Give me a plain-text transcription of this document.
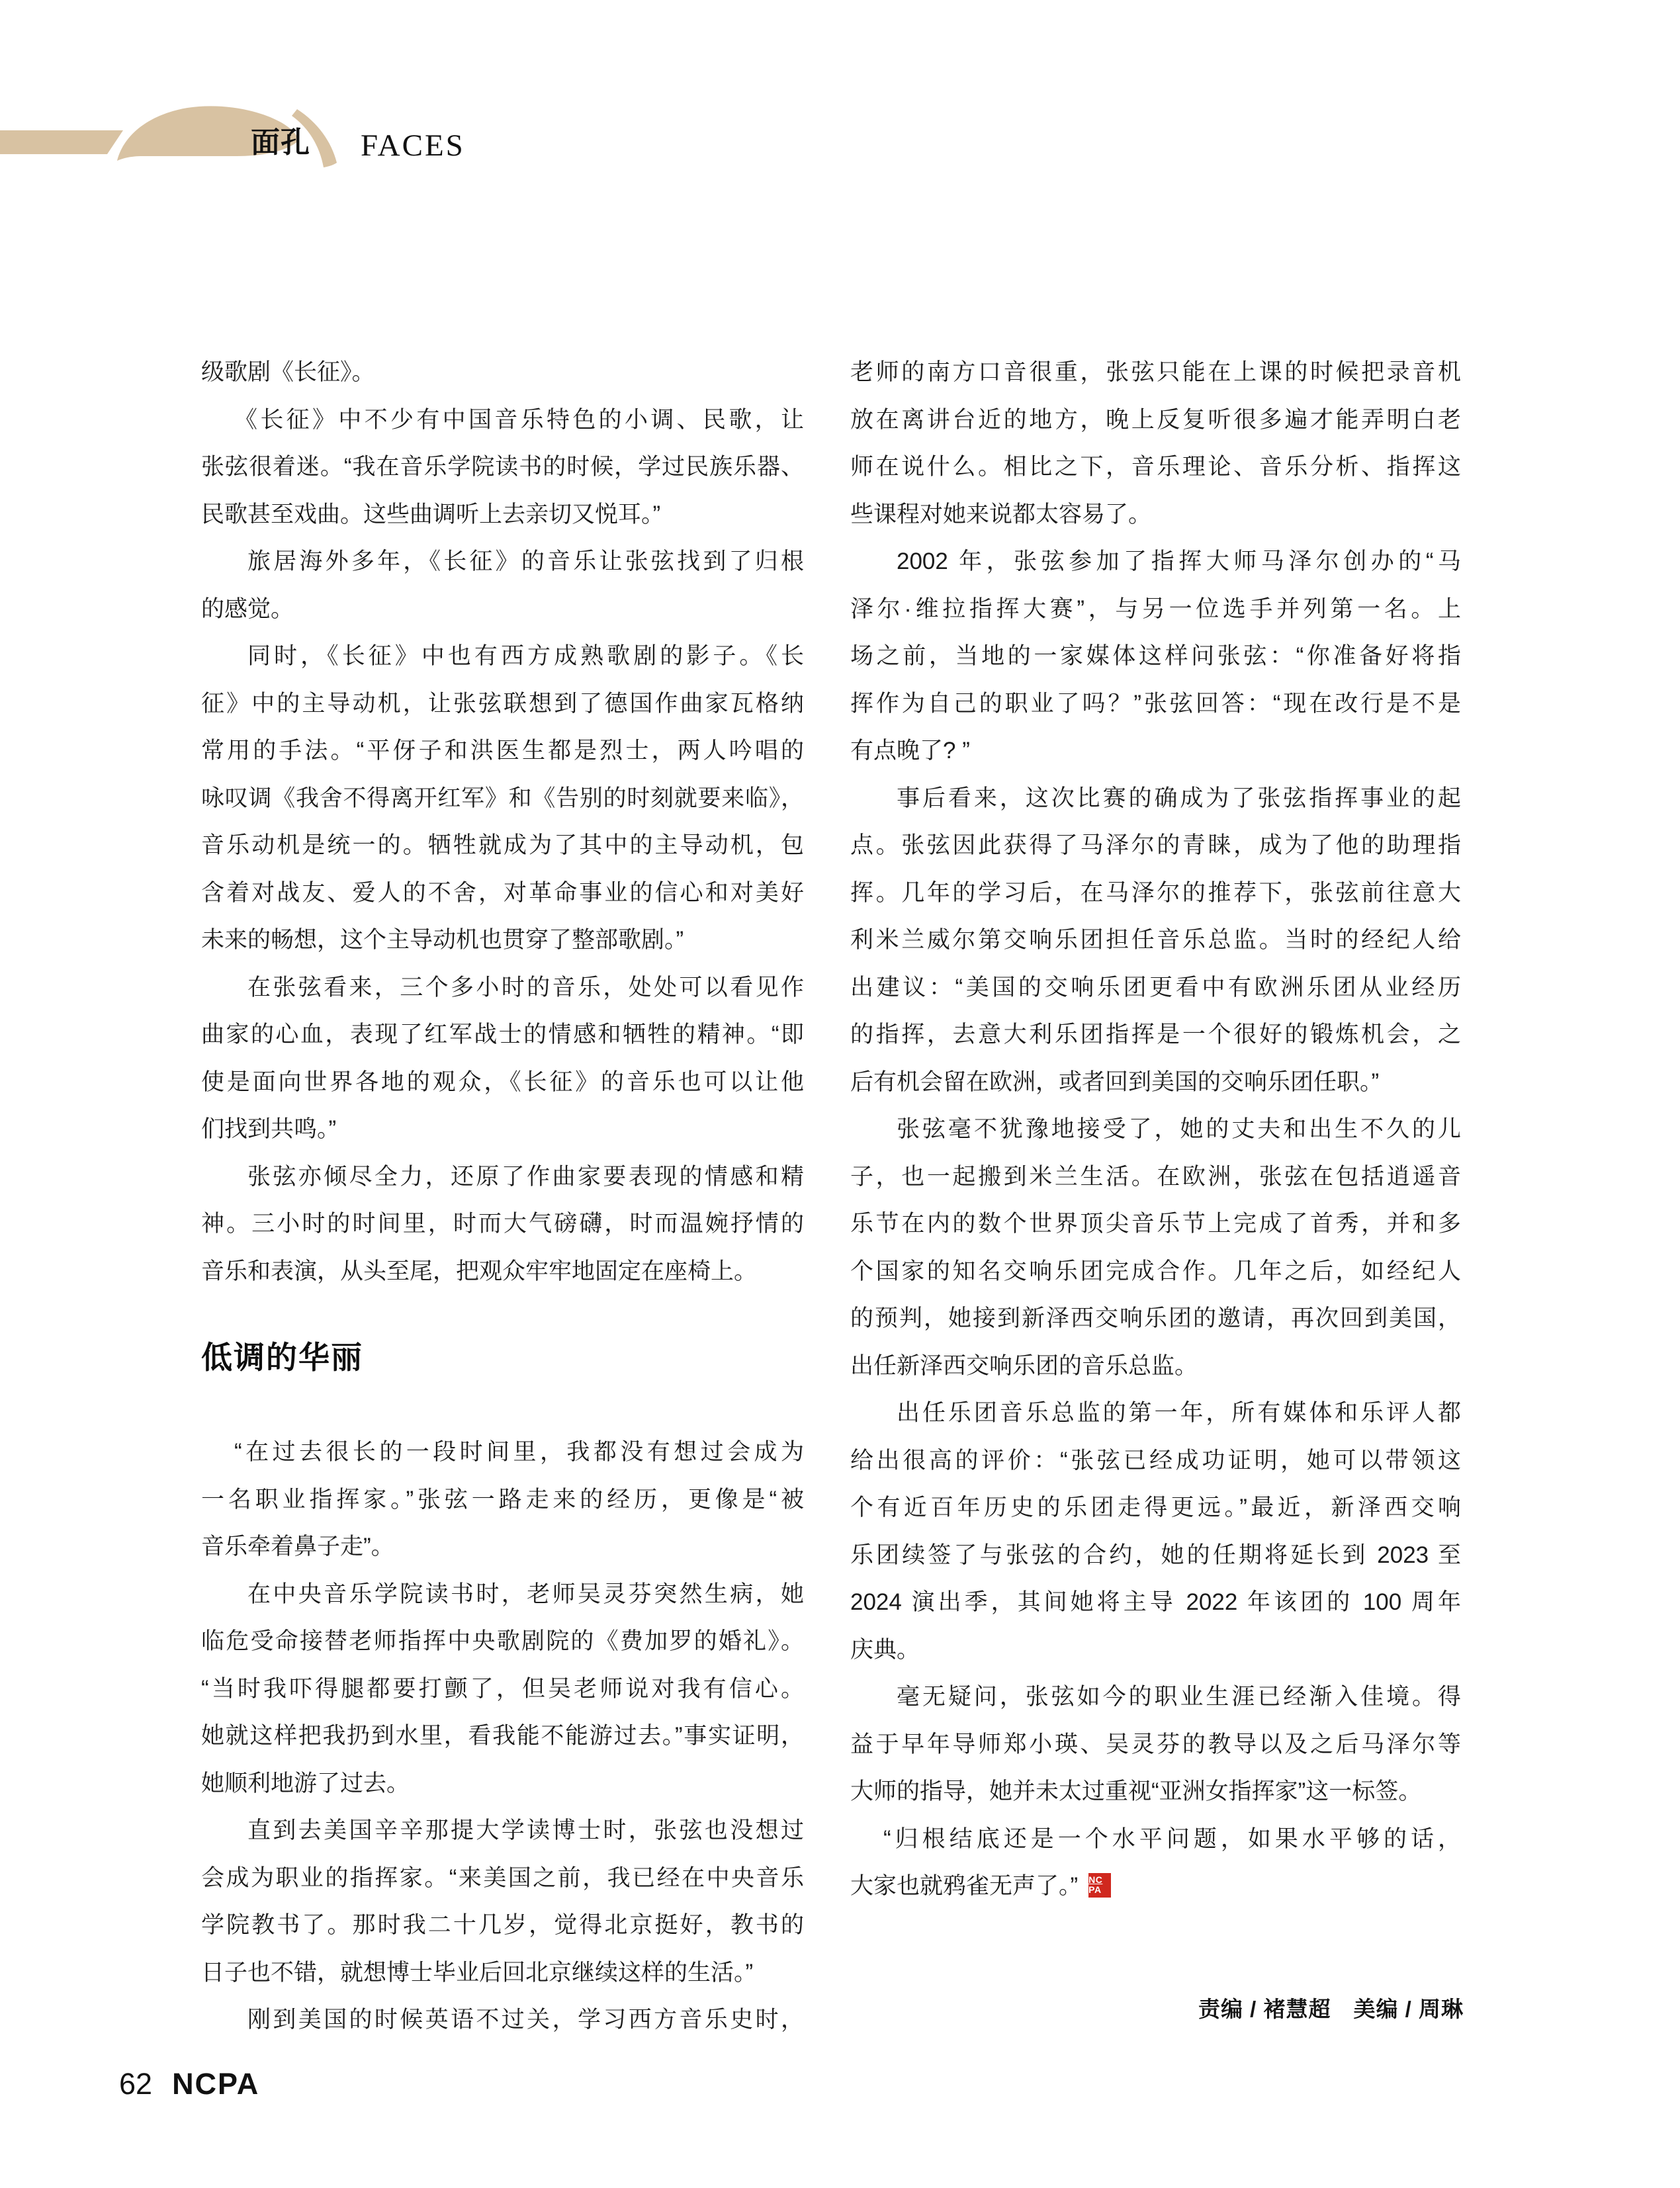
面孔 FACES
级歌剧《长征》。
《长征》中不少有中国音乐特色的小调、民歌，让
张弦很着迷。“我在音乐学院读书的时候，学过民族乐器、
民歌甚至戏曲。这些曲调听上去亲切又悦耳。”
旅居海外多年，《长征》的音乐让张弦找到了归根
的感觉。
同时，《长征》中也有西方成熟歌剧的影子。《长
征》中的主导动机，让张弦联想到了德国作曲家瓦格纳
常用的手法。“平伢子和洪医生都是烈士，两人吟唱的
咏叹调《我舍不得离开红军》和《告别的时刻就要来临》，
音乐动机是统一的。牺牲就成为了其中的主导动机，包
含着对战友、爱人的不舍，对革命事业的信心和对美好
未来的畅想，这个主导动机也贯穿了整部歌剧。”
在张弦看来，三个多小时的音乐，处处可以看见作
曲家的心血，表现了红军战士的情感和牺牲的精神。“即
使是面向世界各地的观众，《长征》的音乐也可以让他
们找到共鸣。”
张弦亦倾尽全力，还原了作曲家要表现的情感和精
神。三小时的时间里，时而大气磅礴，时而温婉抒情的
音乐和表演，从头至尾，把观众牢牢地固定在座椅上。
低调的华丽
“在过去很长的一段时间里，我都没有想过会成为
一名职业指挥家。”张弦一路走来的经历，更像是“被
音乐牵着鼻子走”。
在中央音乐学院读书时，老师吴灵芬突然生病，她
临危受命接替老师指挥中央歌剧院的《费加罗的婚礼》。
“当时我吓得腿都要打颤了，但吴老师说对我有信心。
她就这样把我扔到水里，看我能不能游过去。”事实证明，
她顺利地游了过去。
直到去美国辛辛那提大学读博士时，张弦也没想过
会成为职业的指挥家。“来美国之前，我已经在中央音乐
学院教书了。那时我二十几岁，觉得北京挺好，教书的
日子也不错，就想博士毕业后回北京继续这样的生活。”
刚到美国的时候英语不过关，学习西方音乐史时，
老师的南方口音很重，张弦只能在上课的时候把录音机
放在离讲台近的地方，晚上反复听很多遍才能弄明白老
师在说什么。相比之下，音乐理论、音乐分析、指挥这
些课程对她来说都太容易了。
2002 年，张弦参加了指挥大师马泽尔创办的“马
泽尔·维拉指挥大赛”，与另一位选手并列第一名。上
场之前，当地的一家媒体这样问张弦：“你准备好将指
挥作为自己的职业了吗？”张弦回答：“现在改行是不是
有点晚了? ”
事后看来，这次比赛的确成为了张弦指挥事业的起
点。张弦因此获得了马泽尔的青睐，成为了他的助理指
挥。几年的学习后，在马泽尔的推荐下，张弦前往意大
利米兰威尔第交响乐团担任音乐总监。当时的经纪人给
出建议：“美国的交响乐团更看中有欧洲乐团从业经历
的指挥，去意大利乐团指挥是一个很好的锻炼机会，之
后有机会留在欧洲，或者回到美国的交响乐团任职。”
张弦毫不犹豫地接受了，她的丈夫和出生不久的儿
子，也一起搬到米兰生活。在欧洲，张弦在包括逍遥音
乐节在内的数个世界顶尖音乐节上完成了首秀，并和多
个国家的知名交响乐团完成合作。几年之后，如经纪人
的预判，她接到新泽西交响乐团的邀请，再次回到美国，
出任新泽西交响乐团的音乐总监。
出任乐团音乐总监的第一年，所有媒体和乐评人都
给出很高的评价：“张弦已经成功证明，她可以带领这
个有近百年历史的乐团走得更远。”最近，新泽西交响
乐团续签了与张弦的合约，她的任期将延长到 2023 至
2024 演出季，其间她将主导 2022 年该团的 100 周年
庆典。
毫无疑问，张弦如今的职业生涯已经渐入佳境。得
益于早年导师郑小瑛、吴灵芬的教导以及之后马泽尔等
大师的指导，她并未太过重视“亚洲女指挥家”这一标签。
“归根结底还是一个水平问题，如果水平够的话，
大家也就鸦雀无声了。” $\frac{NC}{PA}$
责编 / 褚慧超　美编 / 周琳
62 NCPA
